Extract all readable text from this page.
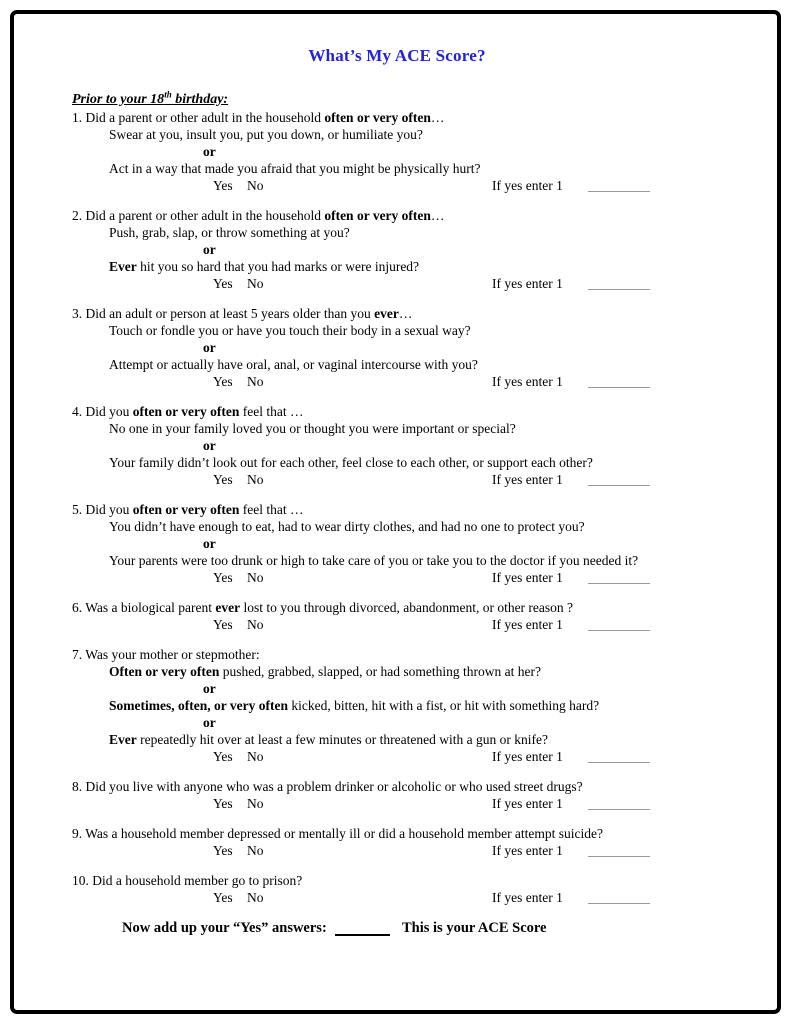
What’s My ACE Score?
Prior to your 18th birthday:
1. Did a parent or other adult in the household often or very often…
Swear at you, insult you, put you down, or humiliate you?
or
Act in a way that made you afraid that you might be physically hurt?
Yes No	If yes enter 1
2. Did a parent or other adult in the household often or very often…
Push, grab, slap, or throw something at you?
or
Ever hit you so hard that you had marks or were injured?
Yes No	If yes enter 1
3. Did an adult or person at least 5 years older than you ever…
Touch or fondle you or have you touch their body in a sexual way?
or
Attempt or actually have oral, anal, or vaginal intercourse with you?
Yes No	If yes enter 1
4. Did you often or very often feel that …
No one in your family loved you or thought you were important or special?
or
Your family didn’t look out for each other, feel close to each other, or support each other?
Yes No	If yes enter 1
5. Did you often or very often feel that …
You didn’t have enough to eat, had to wear dirty clothes, and had no one to protect you?
or
Your parents were too drunk or high to take care of you or take you to the doctor if you needed it?
Yes No	If yes enter 1
6. Was a biological parent ever lost to you through divorced, abandonment, or other reason ?
Yes No	If yes enter 1
7. Was your mother or stepmother:
Often or very often pushed, grabbed, slapped, or had something thrown at her?
or
Sometimes, often, or very often kicked, bitten, hit with a fist, or hit with something hard?
or
Ever repeatedly hit over at least a few minutes or threatened with a gun or knife?
Yes No	If yes enter 1
8. Did you live with anyone who was a problem drinker or alcoholic or who used street drugs?
Yes No	If yes enter 1
9. Was a household member depressed or mentally ill or did a household member attempt suicide?
Yes No	If yes enter 1
10. Did a household member go to prison?
Yes No	If yes enter 1
Now add up your “Yes” answers:	This is your ACE Score
